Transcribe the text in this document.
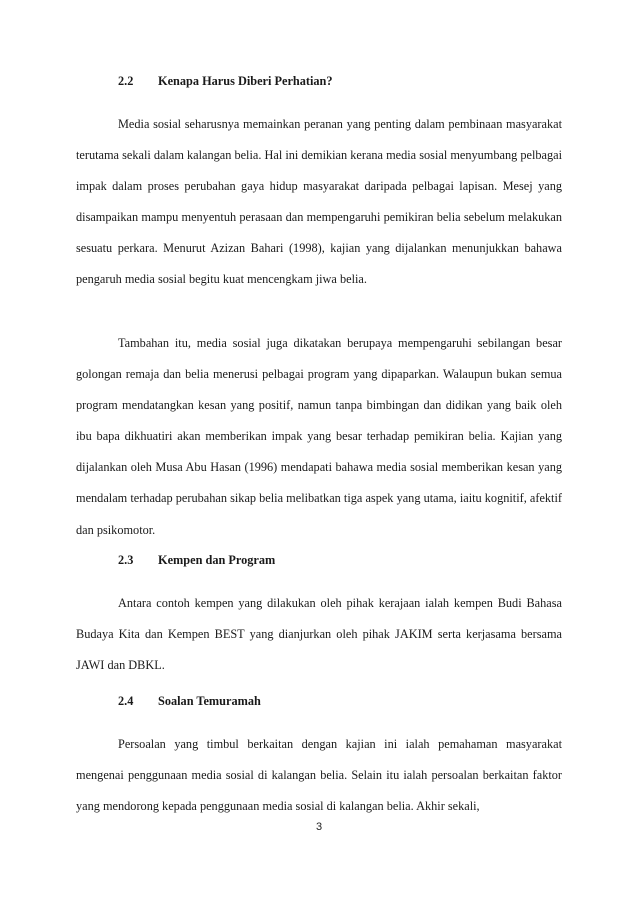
2.2 Kenapa Harus Diberi Perhatian?

Media sosial seharusnya memainkan peranan yang penting dalam pembinaan masyarakat terutama sekali dalam kalangan belia. Hal ini demikian kerana media sosial menyumbang pelbagai impak dalam proses perubahan gaya hidup masyarakat daripada pelbagai lapisan. Mesej yang disampaikan mampu menyentuh perasaan dan mempengaruhi pemikiran belia sebelum melakukan sesuatu perkara. Menurut Azizan Bahari (1998), kajian yang dijalankan menunjukkan bahawa pengaruh media sosial begitu kuat mencengkam jiwa belia.

Tambahan itu, media sosial juga dikatakan berupaya mempengaruhi sebilangan besar golongan remaja dan belia menerusi pelbagai program yang dipaparkan. Walaupun bukan semua program mendatangkan kesan yang positif, namun tanpa bimbingan dan didikan yang baik oleh ibu bapa dikhuatiri akan memberikan impak yang besar terhadap pemikiran belia. Kajian yang dijalankan oleh Musa Abu Hasan (1996) mendapati bahawa media sosial memberikan kesan yang mendalam terhadap perubahan sikap belia melibatkan tiga aspek yang utama, iaitu kognitif, afektif dan psikomotor.

2.3 Kempen dan Program

Antara contoh kempen yang dilakukan oleh pihak kerajaan ialah kempen Budi Bahasa Budaya Kita dan Kempen BEST yang dianjurkan oleh pihak JAKIM serta kerjasama bersama JAWI dan DBKL.

2.4 Soalan Temuramah

Persoalan yang timbul berkaitan dengan kajian ini ialah pemahaman masyarakat mengenai penggunaan media sosial di kalangan belia. Selain itu ialah persoalan berkaitan faktor yang mendorong kepada penggunaan media sosial di kalangan belia. Akhir sekali,

3
